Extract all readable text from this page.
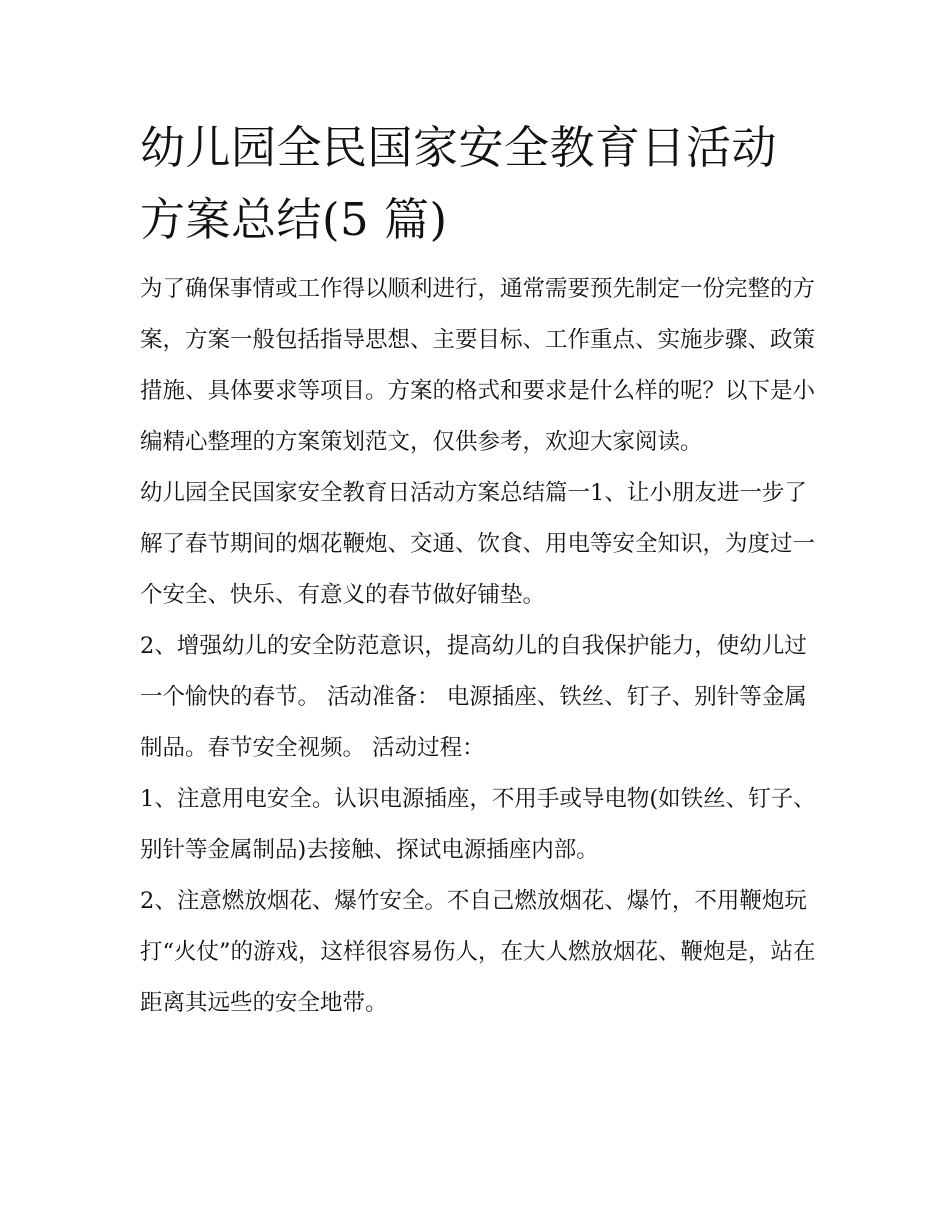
幼儿园全民国家安全教育日活动方案总结(5 篇)

为了确保事情或工作得以顺利进行，通常需要预先制定一份完整的方案，方案一般包括指导思想、主要目标、工作重点、实施步骤、政策措施、具体要求等项目。方案的格式和要求是什么样的呢？以下是小编精心整理的方案策划范文，仅供参考，欢迎大家阅读。

幼儿园全民国家安全教育日活动方案总结篇一1、让小朋友进一步了解了春节期间的烟花鞭炮、交通、饮食、用电等安全知识，为度过一个安全、快乐、有意义的春节做好铺垫。

2、增强幼儿的安全防范意识，提高幼儿的自我保护能力，使幼儿过一个愉快的春节。 活动准备： 电源插座、铁丝、钉子、别针等金属制品。春节安全视频。 活动过程：

1、注意用电安全。认识电源插座，不用手或导电物(如铁丝、钉子、别针等金属制品)去接触、探试电源插座内部。

2、注意燃放烟花、爆竹安全。不自己燃放烟花、爆竹，不用鞭炮玩打“火仗”的游戏，这样很容易伤人，在大人燃放烟花、鞭炮是，站在距离其远些的安全地带。
